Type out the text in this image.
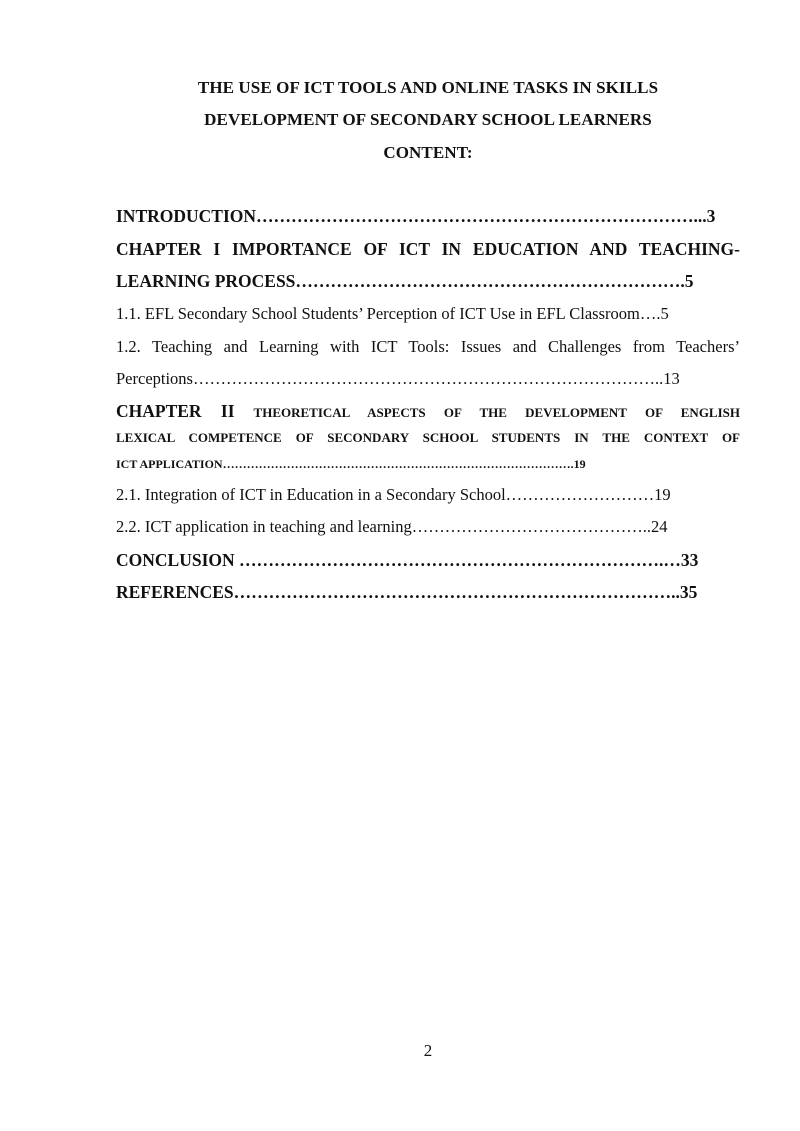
THE USE OF ICT TOOLS AND ONLINE TASKS IN SKILLS
DEVELOPMENT OF SECONDARY SCHOOL LEARNERS
CONTENT:
INTRODUCTION…………………………………………………………………...3
CHAPTER I IMPORTANCE OF ICT IN EDUCATION AND TEACHING-
LEARNING PROCESS………………………………………………………….5
1.1. EFL Secondary School Students’ Perception of ICT Use in EFL Classroom….5
1.2. Teaching and Learning with ICT Tools: Issues and Challenges from Teachers’
Perceptions…………………………………………………………………………..13
CHAPTER II THEORETICAL ASPECTS OF THE DEVELOPMENT OF ENGLISH
LEXICAL COMPETENCE OF SECONDARY SCHOOL STUDENTS IN THE CONTEXT OF
ICT APPLICATION…………………………………………………………………………….19
2.1. Integration of ICT in Education in a Secondary School………………………19
2.2. ICT application in teaching and learning……………………………………..24
CONCLUSION ……………………………………………………………….…33
REFERENCES…………………………………………………………………..35
2
